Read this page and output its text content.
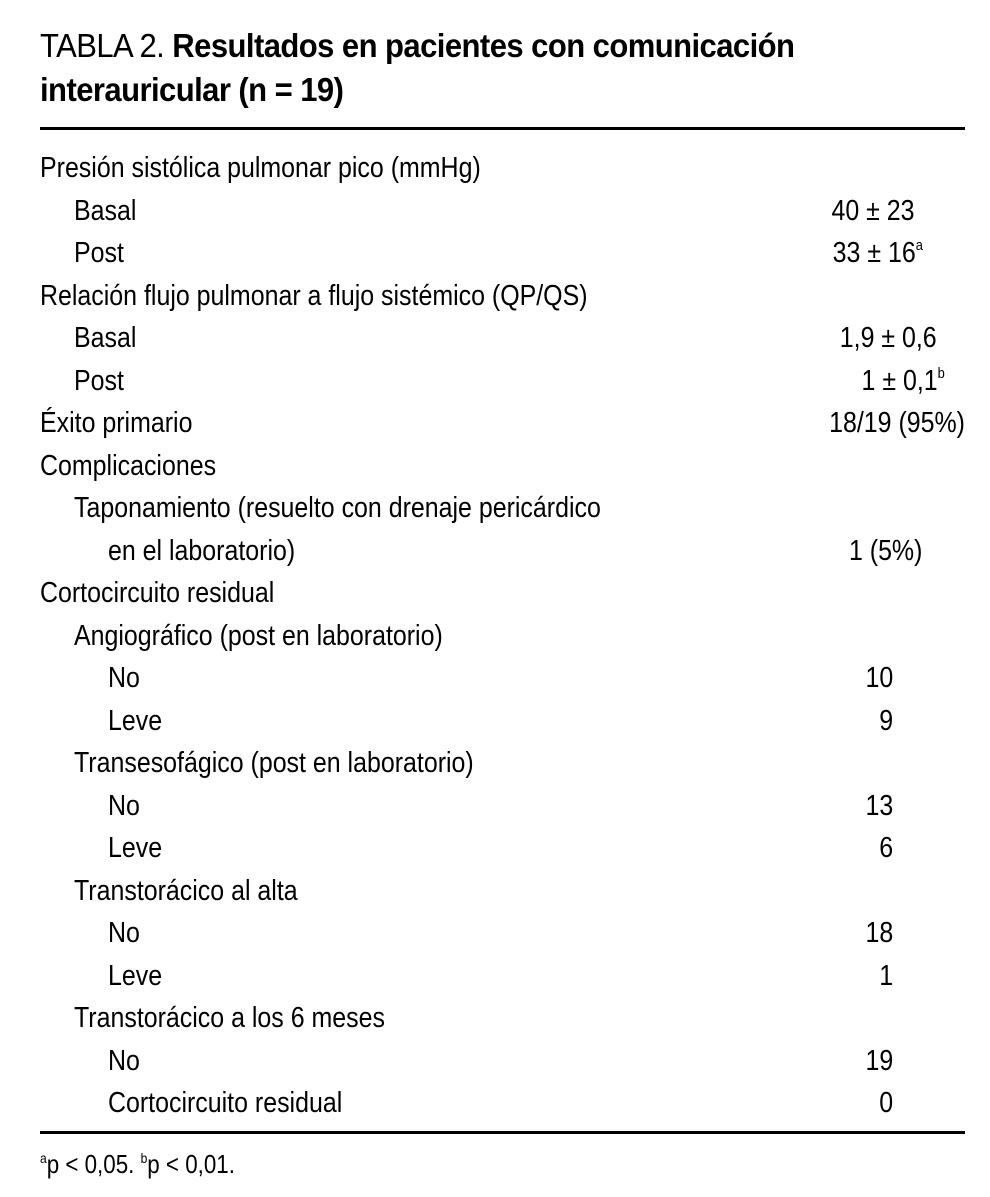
TABLA 2. Resultados en pacientes con comunicación interauricular (n = 19)
Presión sistólica pulmonar pico (mmHg)
Basal	40 ± 23
Post	$33 \pm 16^a$
Relación flujo pulmonar a flujo sistémico (QP/QS)
Basal	1,9 ± 0,6
Post	1 ± 0,1$^b$
Éxito primario	18/19 (95%)
Complicaciones
Taponamiento (resuelto con drenaje pericárdico
en el laboratorio)	1 (5%)
Cortocircuito residual
Angiográfico (post en laboratorio)
No	10
Leve	9
Transesofágico (post en laboratorio)
No	13
Leve	6
Transtorácico al alta
No	18
Leve	1
Transtorácico a los 6 meses
No	19
Cortocircuito residual	0
$^a$p < 0,05. $^b$p < 0,01.
